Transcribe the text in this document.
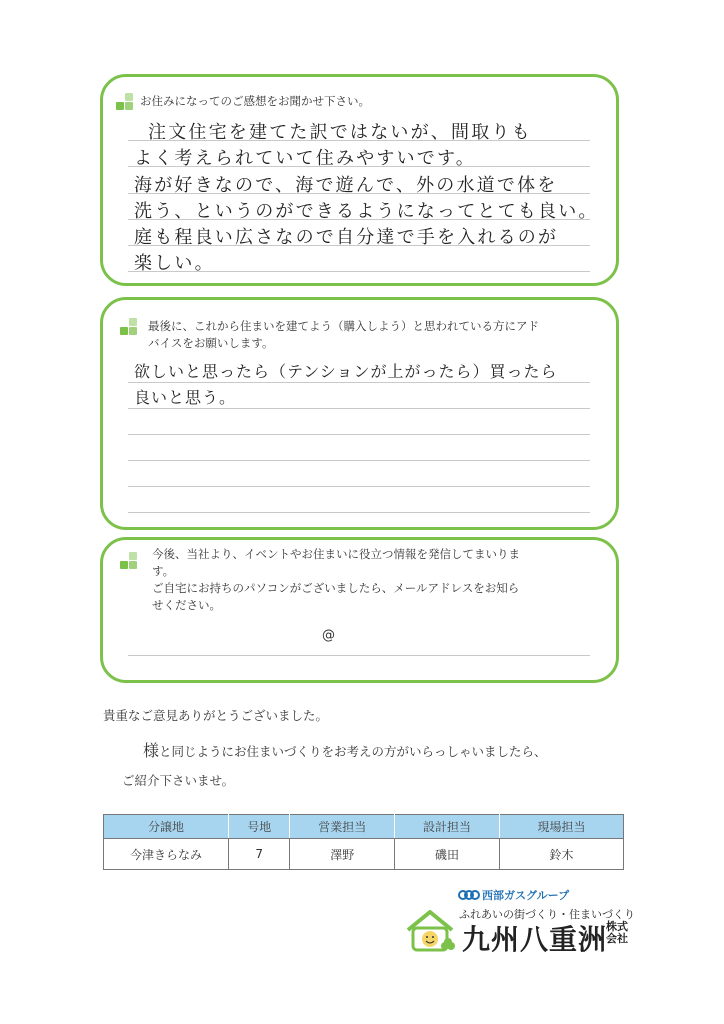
お住みになってのご感想をお聞かせ下さい。
注文住宅を建てた訳ではないが、間取りも
よく考えられていて住みやすいです。
海が好きなので、海で遊んで、外の水道で体を
洗う、というのができるようになってとても良い。
庭も程良い広さなので自分達で手を入れるのが
楽しい。
最後に、これから住まいを建てよう（購入しよう）と思われている方にアド
バイスをお願いします。
欲しいと思ったら（テンションが上がったら）買ったら
良いと思う。
今後、当社より、イベントやお住まいに役立つ情報を発信してまいりま
す。
ご自宅にお持ちのパソコンがございましたら、メールアドレスをお知ら
せください。
@
貴重なご意見ありがとうございました。
様と同じようにお住まいづくりをお考えの方がいらっしゃいましたら、
ご紹介下さいませ。
分譲地	号地	営業担当	設計担当	現場担当
今津きらなみ	7	澤野	磯田	鈴木
西部ガスグループ
ふれあいの街づくり・住まいづくり
九州八重洲
株式
会社
